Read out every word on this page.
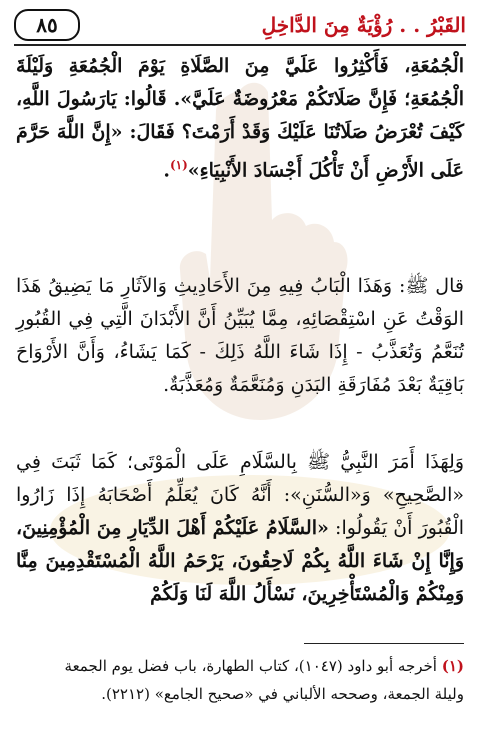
القَبْرُ . . رُؤْيَةٌ مِنَ الدَّاخِلِ
٨٥

الْجُمُعَةِ، فَأَكْثِرُوا عَلَيَّ مِنَ الصَّلَاةِ يَوْمَ الْجُمُعَةِ وَلَيْلَةَ الْجُمُعَةِ؛ فَإِنَّ صَلَاتَكُمْ مَعْرُوضَةٌ عَلَيَّ». قَالُوا: يَارَسُولَ اللَّهِ، كَيْفَ تُعْرَضُ صَلَاتُنَا عَلَيْكَ وَقَدْ أَرَمْتَ؟ فَقَالَ: «إِنَّ اللَّهَ حَرَّمَ عَلَى الأَرْضِ أَنْ تَأْكُلَ أَجْسَادَ الأَنْبِيَاءِ»$^{(١)}$.

قال ﷺ: وَهَذَا الْبَابُ فِيهِ مِنَ الأَحَادِيثِ وَالآثَارِ مَا يَضِيقُ هَذَا الوَقْتُ عَنِ اسْتِقْصَائِهِ، مِمَّا يُبَيِّنُ أَنَّ الأَبْدَانَ الَّتِي فِي القُبُورِ تُنَعَّمُ وَتُعَذَّبُ - إِذَا شَاءَ اللَّهُ ذَلِكَ - كَمَا يَشَاءُ، وَأَنَّ الأَرْوَاحَ بَاقِيَةٌ بَعْدَ مُفَارَقَةِ البَدَنِ وَمُنَعَّمَةٌ وَمُعَذَّبَةٌ.

وَلِهَذَا أَمَرَ النَّبِيُّ ﷺ بِالسَّلَامِ عَلَى الْمَوْتَى؛ كَمَا ثَبَتَ فِي «الصَّحِيحِ» وَ«السُّنَنِ»: أَنَّهُ كَانَ يُعَلِّمُ أَصْحَابَهُ إِذَا زَارُوا الْقُبُورَ أَنْ يَقُولُوا: «السَّلَامُ عَلَيْكُمْ أَهْلَ الدِّيَارِ مِنَ الْمُؤْمِنِينَ، وَإِنَّا إِنْ شَاءَ اللَّهُ بِكُمْ لَاحِقُونَ، يَرْحَمُ اللَّهُ الْمُسْتَقْدِمِينَ مِنَّا وَمِنْكُمْ وَالْمُسْتَأْخِرِينَ، نَسْأَلُ اللَّهَ لَنَا وَلَكُمْ

(١) أخرجه أبو داود (١٠٤٧)، كتاب الطهارة، باب فضل يوم الجمعة

وليلة الجمعة، وصححه الألباني في «صحيح الجامع» (٢٢١٢).
